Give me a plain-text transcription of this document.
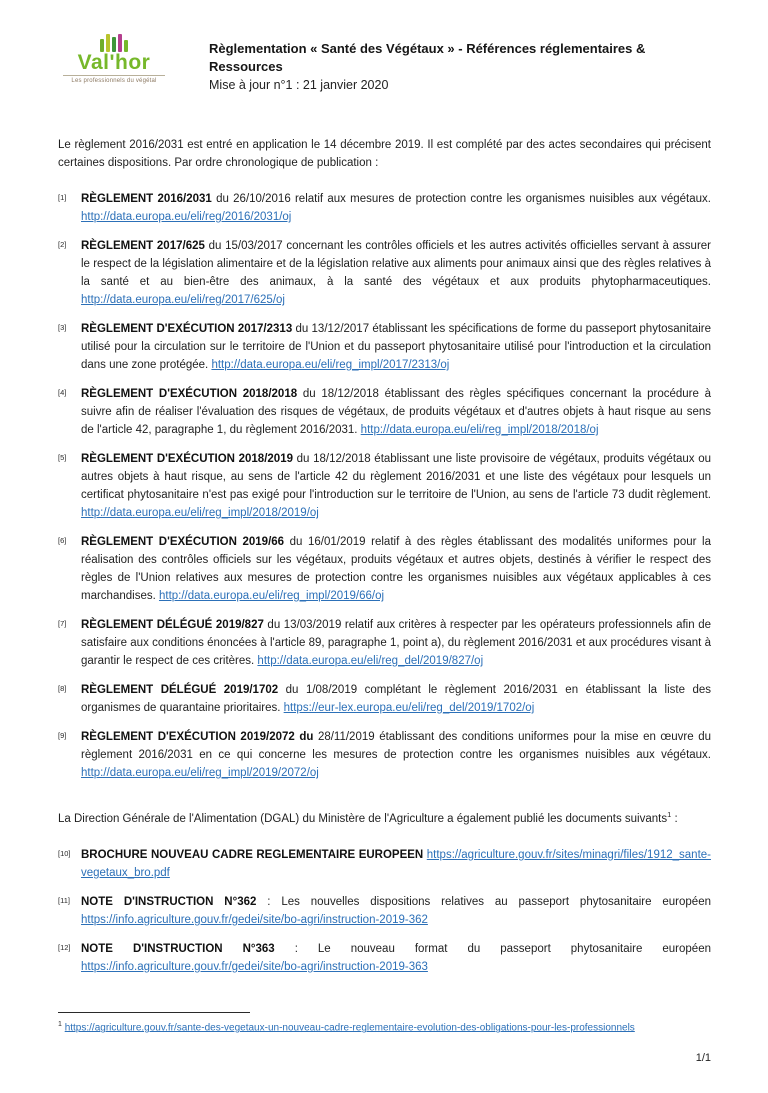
Val'hor
Les professionnels du végétal
Règlementation « Santé des Végétaux » - Références réglementaires & Ressources
Mise à jour n°1 : 21 janvier 2020
Le règlement 2016/2031 est entré en application le 14 décembre 2019. Il est complété par des actes secondaires qui précisent certaines dispositions. Par ordre chronologique de publication :
[1] RÈGLEMENT 2016/2031 du 26/10/2016 relatif aux mesures de protection contre les organismes nuisibles aux végétaux. http://data.europa.eu/eli/reg/2016/2031/oj
[2] RÈGLEMENT 2017/625 du 15/03/2017 concernant les contrôles officiels et les autres activités officielles servant à assurer le respect de la législation alimentaire et de la législation relative aux aliments pour animaux ainsi que des règles relatives à la santé et au bien-être des animaux, à la santé des végétaux et aux produits phytopharmaceutiques. http://data.europa.eu/eli/reg/2017/625/oj
[3] RÈGLEMENT D'EXÉCUTION 2017/2313 du 13/12/2017 établissant les spécifications de forme du passeport phytosanitaire utilisé pour la circulation sur le territoire de l'Union et du passeport phytosanitaire utilisé pour l'introduction et la circulation dans une zone protégée. http://data.europa.eu/eli/reg_impl/2017/2313/oj
[4] RÈGLEMENT D'EXÉCUTION 2018/2018 du 18/12/2018 établissant des règles spécifiques concernant la procédure à suivre afin de réaliser l'évaluation des risques de végétaux, de produits végétaux et d'autres objets à haut risque au sens de l'article 42, paragraphe 1, du règlement 2016/2031. http://data.europa.eu/eli/reg_impl/2018/2018/oj
[5] RÈGLEMENT D'EXÉCUTION 2018/2019 du 18/12/2018 établissant une liste provisoire de végétaux, produits végétaux ou autres objets à haut risque, au sens de l'article 42 du règlement 2016/2031 et une liste des végétaux pour lesquels un certificat phytosanitaire n'est pas exigé pour l'introduction sur le territoire de l'Union, au sens de l'article 73 dudit règlement. http://data.europa.eu/eli/reg_impl/2018/2019/oj
[6] RÈGLEMENT D'EXÉCUTION 2019/66 du 16/01/2019 relatif à des règles établissant des modalités uniformes pour la réalisation des contrôles officiels sur les végétaux, produits végétaux et autres objets, destinés à vérifier le respect des règles de l'Union relatives aux mesures de protection contre les organismes nuisibles aux végétaux applicables à ces marchandises. http://data.europa.eu/eli/reg_impl/2019/66/oj
[7] RÈGLEMENT DÉLÉGUÉ 2019/827 du 13/03/2019 relatif aux critères à respecter par les opérateurs professionnels afin de satisfaire aux conditions énoncées à l'article 89, paragraphe 1, point a), du règlement 2016/2031 et aux procédures visant à garantir le respect de ces critères. http://data.europa.eu/eli/reg_del/2019/827/oj
[8] RÈGLEMENT DÉLÉGUÉ 2019/1702 du 1/08/2019 complétant le règlement 2016/2031 en établissant la liste des organismes de quarantaine prioritaires. https://eur-lex.europa.eu/eli/reg_del/2019/1702/oj
[9] RÈGLEMENT D'EXÉCUTION 2019/2072 du 28/11/2019 établissant des conditions uniformes pour la mise en œuvre du règlement 2016/2031 en ce qui concerne les mesures de protection contre les organismes nuisibles aux végétaux. http://data.europa.eu/eli/reg_impl/2019/2072/oj
La Direction Générale de l'Alimentation (DGAL) du Ministère de l'Agriculture a également publié les documents suivants$^1$ :
[10] BROCHURE NOUVEAU CADRE REGLEMENTAIRE EUROPEEN https://agriculture.gouv.fr/sites/minagri/files/1912_sante-vegetaux_bro.pdf
[11] NOTE D'INSTRUCTION N°362 : Les nouvelles dispositions relatives au passeport phytosanitaire européen https://info.agriculture.gouv.fr/gedei/site/bo-agri/instruction-2019-362
[12] NOTE D'INSTRUCTION N°363 : Le nouveau format du passeport phytosanitaire européen https://info.agriculture.gouv.fr/gedei/site/bo-agri/instruction-2019-363
$^1$ https://agriculture.gouv.fr/sante-des-vegetaux-un-nouveau-cadre-reglementaire-evolution-des-obligations-pour-les-professionnels
1/1
